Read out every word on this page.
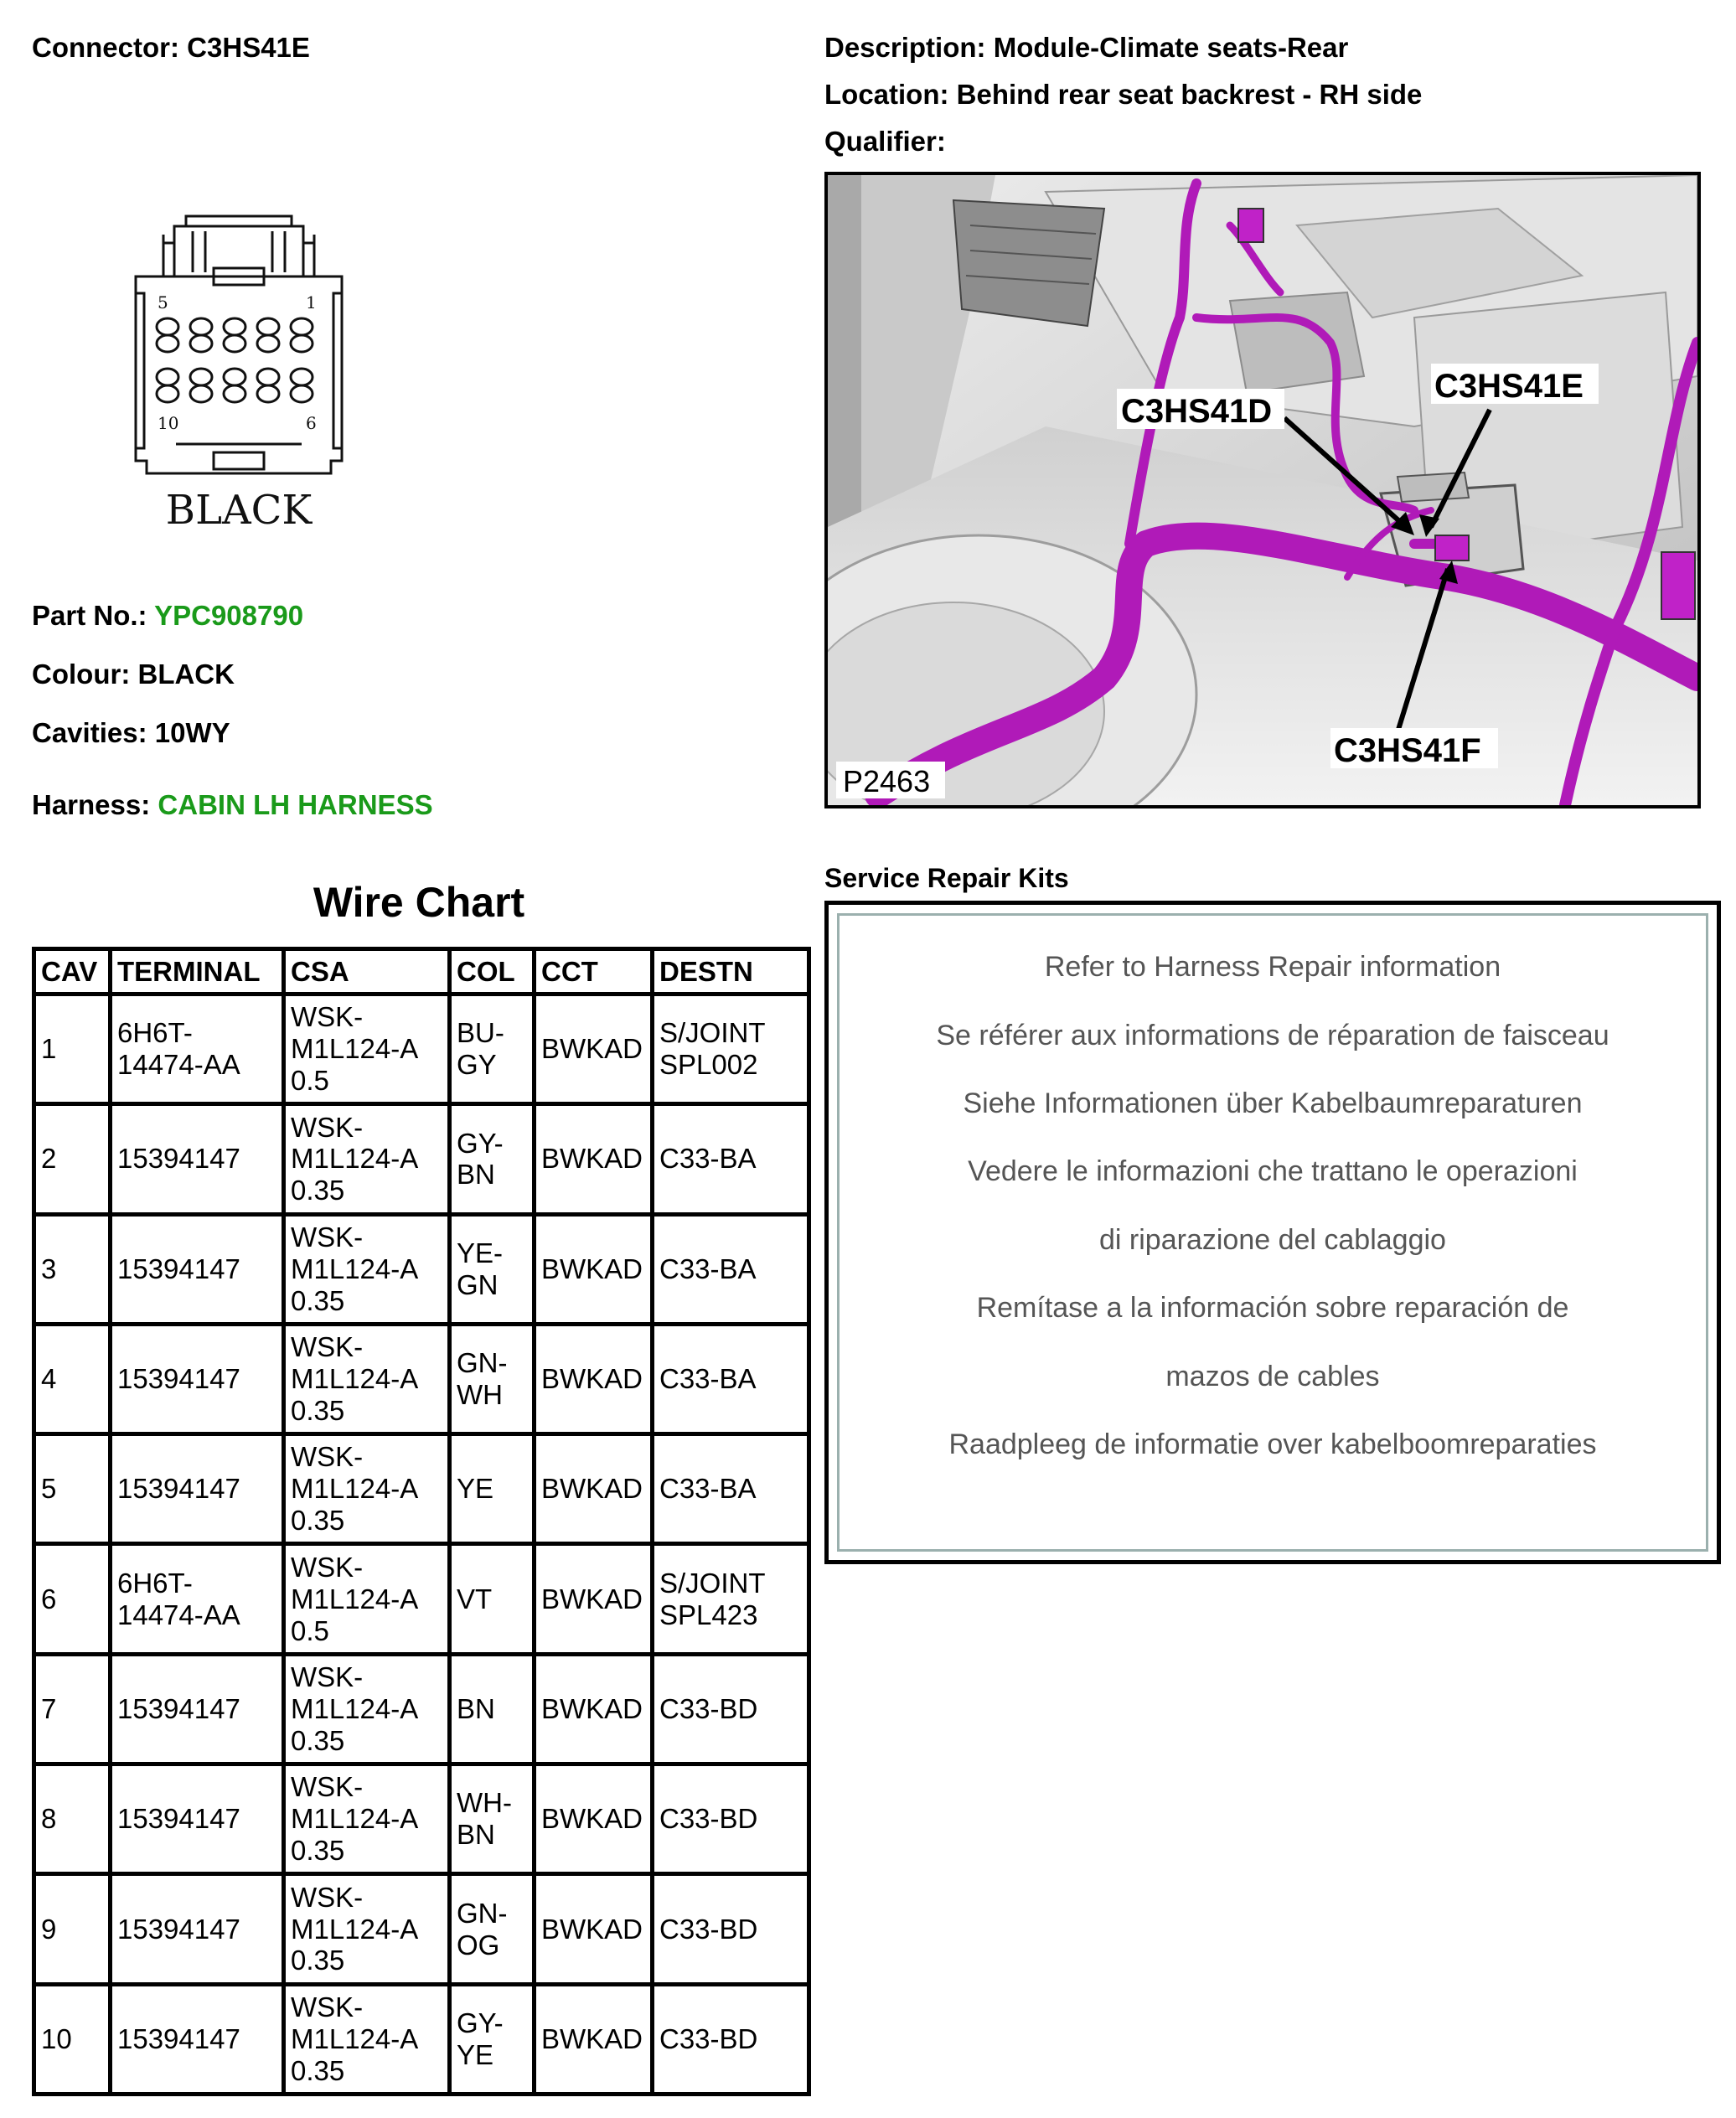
Connector: C3HS41E
5	1
10	6
BLACK
Part No.: YPC908790
Colour: BLACK
Cavities: 10WY
Harness: CABIN LH HARNESS
Description: Module-Climate seats-Rear
Location: Behind rear seat backrest - RH side
Qualifier:
C3HS41D
C3HS41E
C3HS41F
P2463
Wire Chart
CAV	TERMINAL	CSA	COL	CCT	DESTN
1	6H6T-14474-AA	WSK-M1L124-A 0.5	BU-GY	BWKAD	S/JOINT SPL002
2	15394147	WSK-M1L124-A 0.35	GY-BN	BWKAD	C33-BA
3	15394147	WSK-M1L124-A 0.35	YE-GN	BWKAD	C33-BA
4	15394147	WSK-M1L124-A 0.35	GN-WH	BWKAD	C33-BA
5	15394147	WSK-M1L124-A 0.35	YE	BWKAD	C33-BA
6	6H6T-14474-AA	WSK-M1L124-A 0.5	VT	BWKAD	S/JOINT SPL423
7	15394147	WSK-M1L124-A 0.35	BN	BWKAD	C33-BD
8	15394147	WSK-M1L124-A 0.35	WH-BN	BWKAD	C33-BD
9	15394147	WSK-M1L124-A 0.35	GN-OG	BWKAD	C33-BD
10	15394147	WSK-M1L124-A 0.35	GY-YE	BWKAD	C33-BD
Service Repair Kits
Refer to Harness Repair information
Se référer aux informations de réparation de faisceau
Siehe Informationen über Kabelbaumreparaturen
Vedere le informazioni che trattano le operazioni
di riparazione del cablaggio
Remítase a la información sobre reparación de
mazos de cables
Raadpleeg de informatie over kabelboomreparaties
